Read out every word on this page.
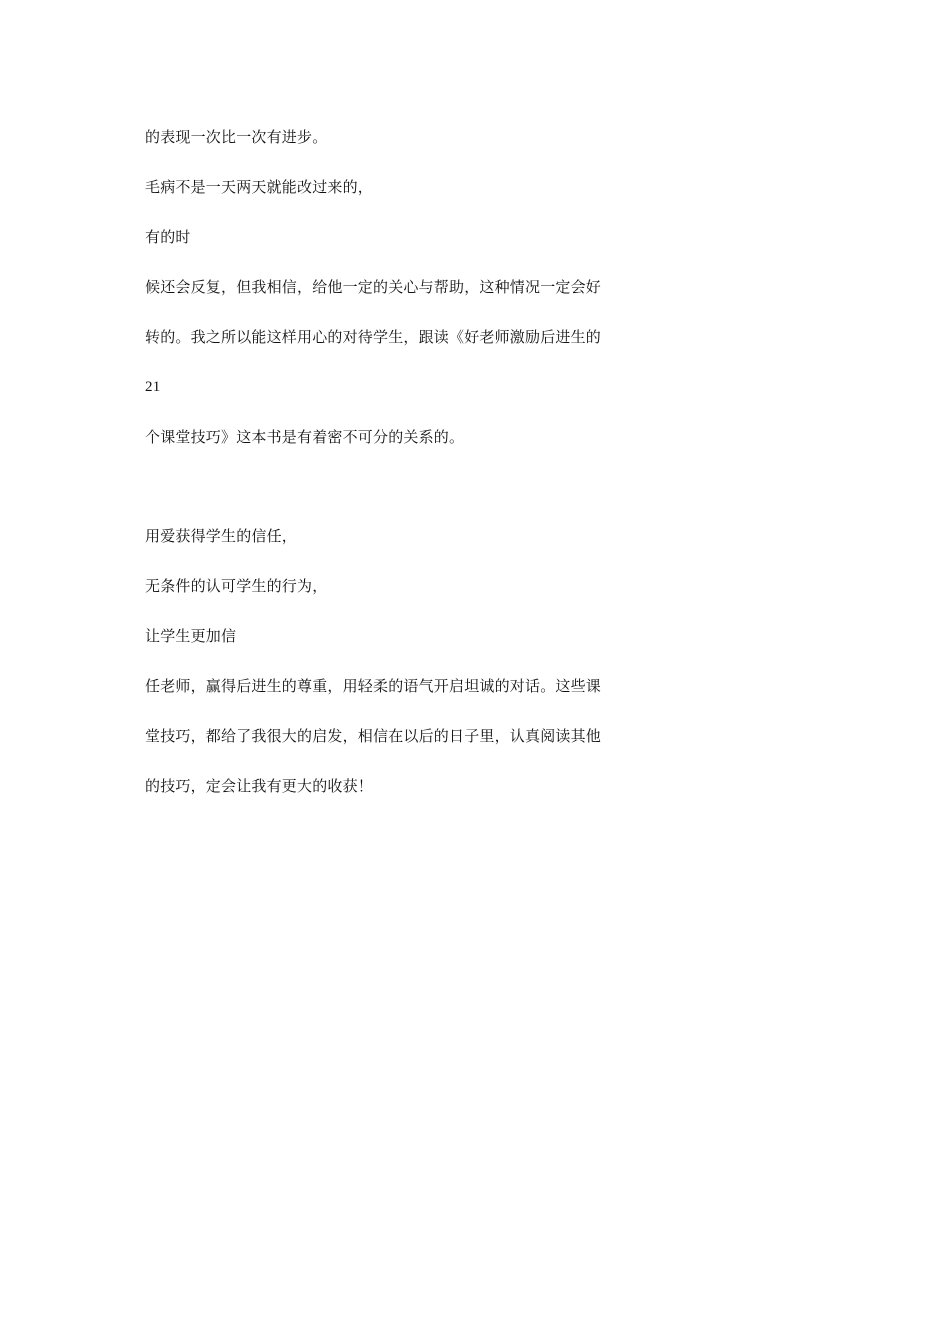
的表现一次比一次有进步。
毛病不是一天两天就能改过来的，
有的时
候还会反复，但我相信，给他一定的关心与帮助，这种情况一定会好
转的。我之所以能这样用心的对待学生，跟读《好老师激励后进生的
21
个课堂技巧》这本书是有着密不可分的关系的。
用爱获得学生的信任，
无条件的认可学生的行为，
让学生更加信
任老师，赢得后进生的尊重，用轻柔的语气开启坦诚的对话。这些课
堂技巧，都给了我很大的启发，相信在以后的日子里，认真阅读其他
的技巧，定会让我有更大的收获！
